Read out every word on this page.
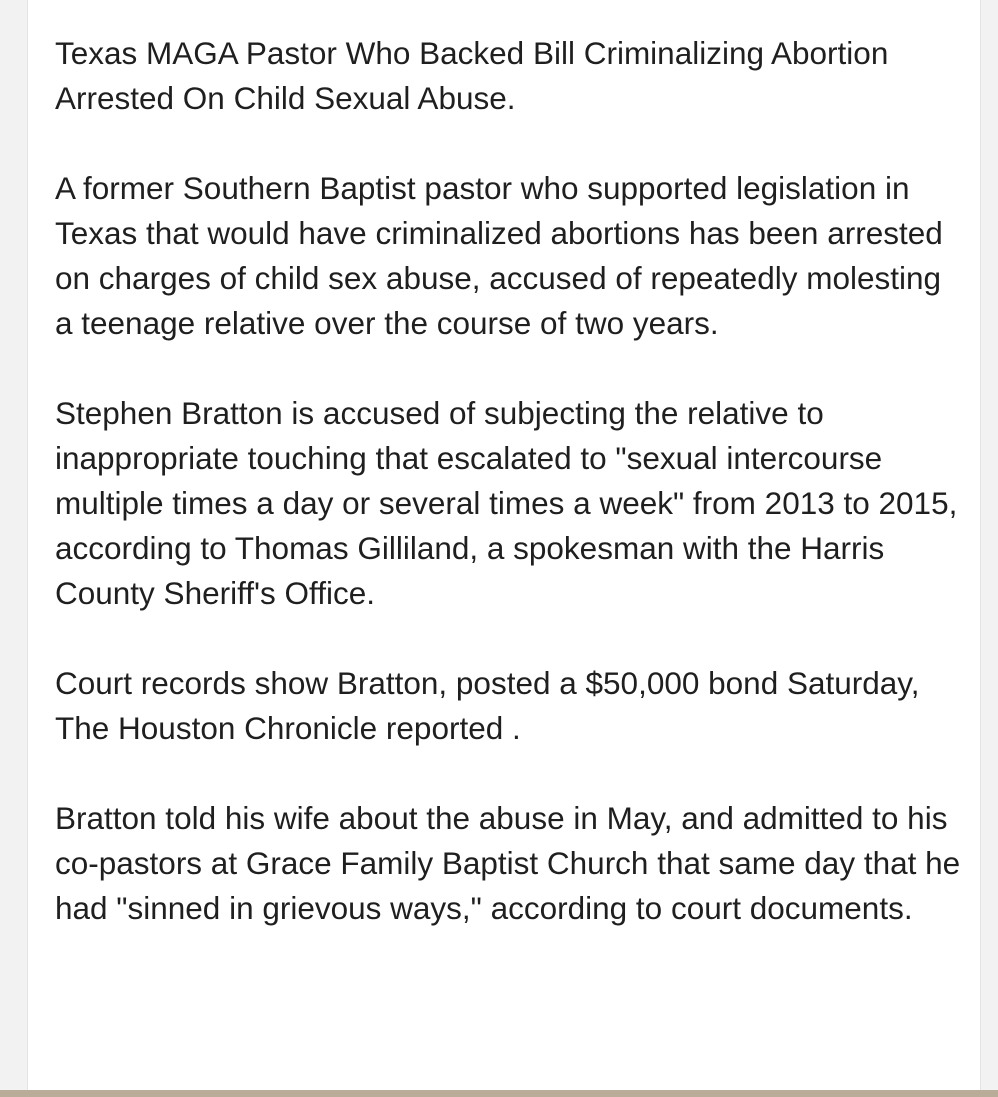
Texas MAGA Pastor Who Backed Bill Criminalizing Abortion Arrested On Child Sexual Abuse.

A former Southern Baptist pastor who supported legislation in Texas that would have criminalized abortions has been arrested on charges of child sex abuse, accused of repeatedly molesting a teenage relative over the course of two years.

Stephen Bratton is accused of subjecting the relative to inappropriate touching that escalated to "sexual intercourse multiple times a day or several times a week" from 2013 to 2015, according to Thomas Gilliland, a spokesman with the Harris County Sheriff's Office.

Court records show Bratton, posted a $50,000 bond Saturday, The Houston Chronicle reported .

Bratton told his wife about the abuse in May, and admitted to his co-pastors at Grace Family Baptist Church that same day that he had "sinned in grievous ways," according to court documents.
